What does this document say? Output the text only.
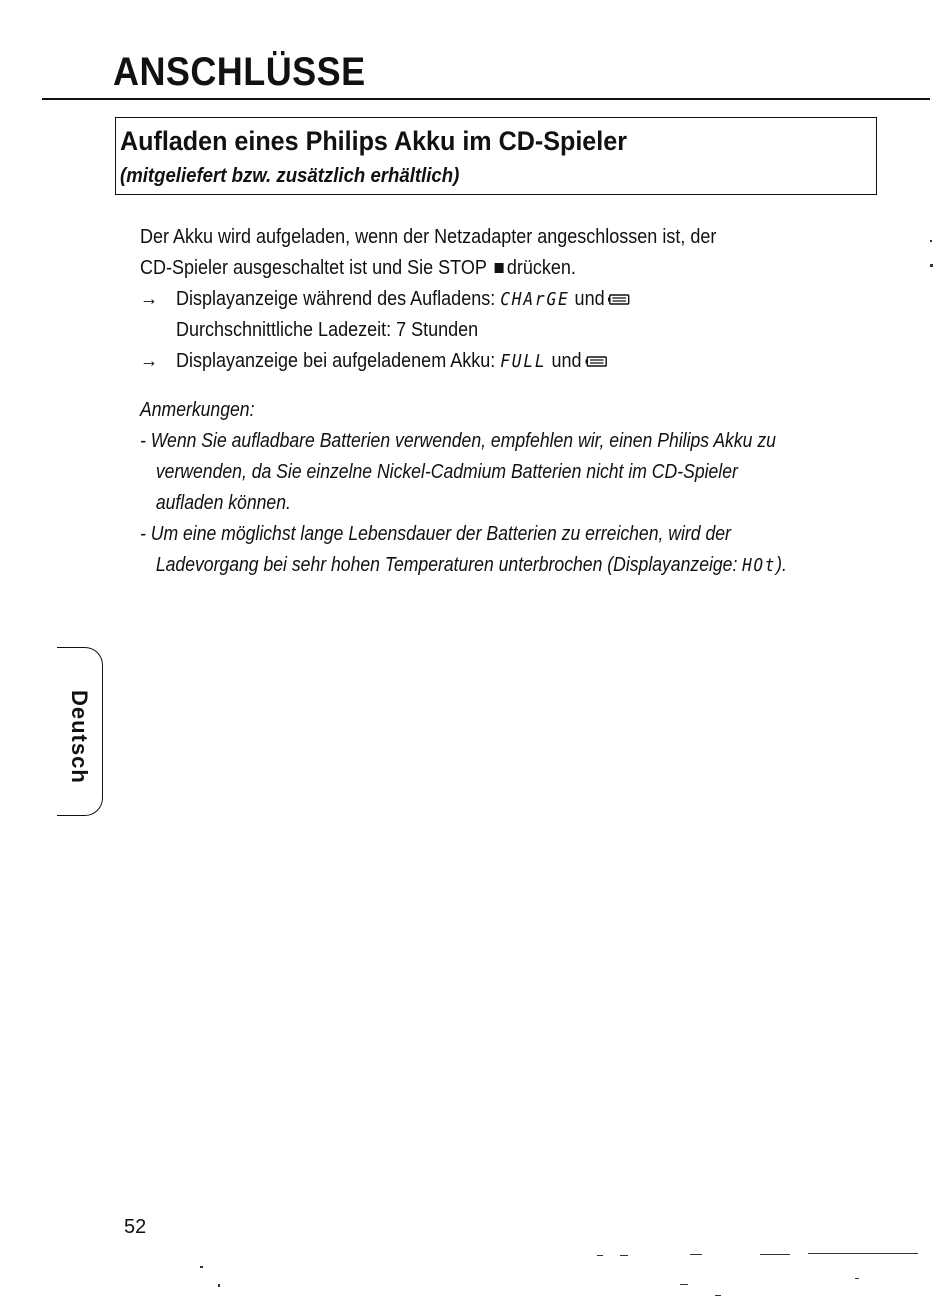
ANSCHLÜSSE
Aufladen eines Philips Akku im CD-Spieler

(mitgeliefert bzw. zusätzlich erhältlich)

Der Akku wird aufgeladen, wenn der Netzadapter angeschlossen ist, der
CD-Spieler ausgeschaltet ist und Sie STOP drücken.
→ Displayanzeige während des Aufladens: CHArGE und
Durchschnittliche Ladezeit: 7 Stunden
→ Displayanzeige bei aufgeladenem Akku: FULL und
Anmerkungen:
- Wenn Sie aufladbare Batterien verwenden, empfehlen wir, einen Philips Akku zu
verwenden, da Sie einzelne Nickel-Cadmium Batterien nicht im CD-Spieler
aufladen können.
- Um eine möglichst lange Lebensdauer der Batterien zu erreichen, wird der
Ladevorgang bei sehr hohen Temperaturen unterbrochen (Displayanzeige: HOt).
Deutsch
52
